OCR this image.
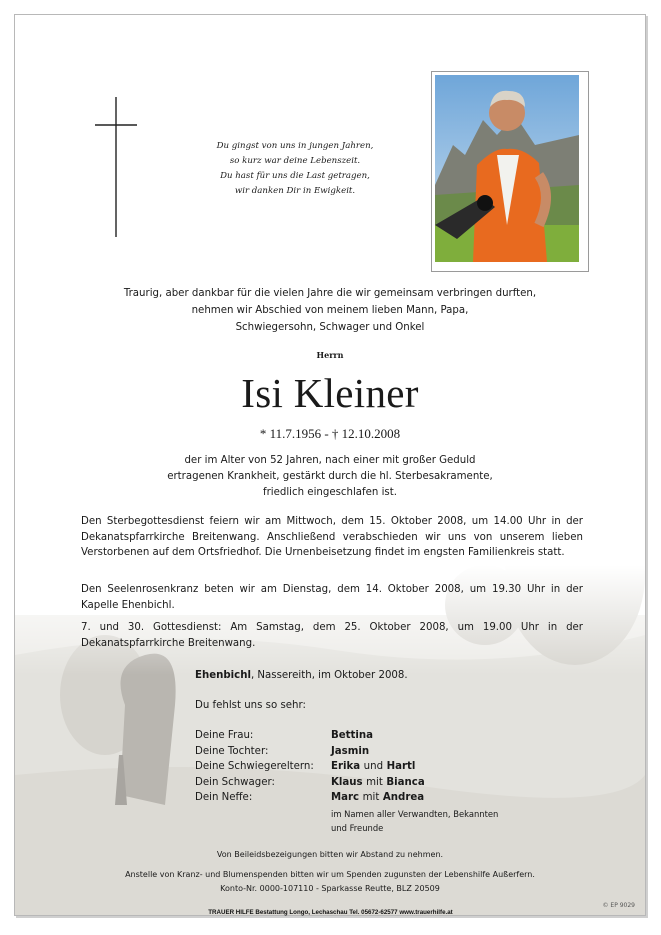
Du gingst von uns in jungen Jahren,
so kurz war deine Lebenszeit.
Du hast für uns die Last getragen,
wir danken Dir in Ewigkeit.
Traurig, aber dankbar für die vielen Jahre die wir gemeinsam verbringen durften,
nehmen wir Abschied von meinem lieben Mann, Papa,
Schwiegersohn, Schwager und Onkel
Herrn
Isi Kleiner
* 11.7.1956 - † 12.10.2008
der im Alter von 52 Jahren, nach einer mit großer Geduld
ertragenen Krankheit, gestärkt durch die hl. Sterbesakramente,
friedlich eingeschlafen ist.

Den Sterbegottesdienst feiern wir am Mittwoch, dem 15. Oktober 2008, um 14.00 Uhr in der Dekanatspfarrkirche Breitenwang. Anschließend verabschieden wir uns von unserem lieben Verstorbenen auf dem Ortsfriedhof. Die Urnenbeisetzung findet im engsten Familienkreis statt.

Den Seelenrosenkranz beten wir am Dienstag, dem 14. Oktober 2008, um 19.30 Uhr in der Kapelle Ehenbichl.

7. und 30. Gottesdienst: Am Samstag, dem 25. Oktober 2008, um 19.00 Uhr in der Dekanatspfarrkirche Breitenwang.

Ehenbichl, Nassereith, im Oktober 2008.
Du fehlst uns so sehr:
Deine Frau:	Bettina
Deine Tochter:	Jasmin
Deine Schwiegereltern:	Erika und Hartl
Dein Schwager:	Klaus mit Bianca
Dein Neffe:	Marc mit Andrea
im Namen aller Verwandten, Bekannten
und Freunde
Von Beileidsbezeigungen bitten wir Abstand zu nehmen.
Anstelle von Kranz- und Blumenspenden bitten wir um Spenden zugunsten der Lebenshilfe Außerfern.
Konto-Nr. 0000-107110 - Sparkasse Reutte, BLZ 20509
© EP 9029
TRAUER HILFE Bestattung Longo, Lechaschau Tel. 05672-62577 www.trauerhilfe.at
